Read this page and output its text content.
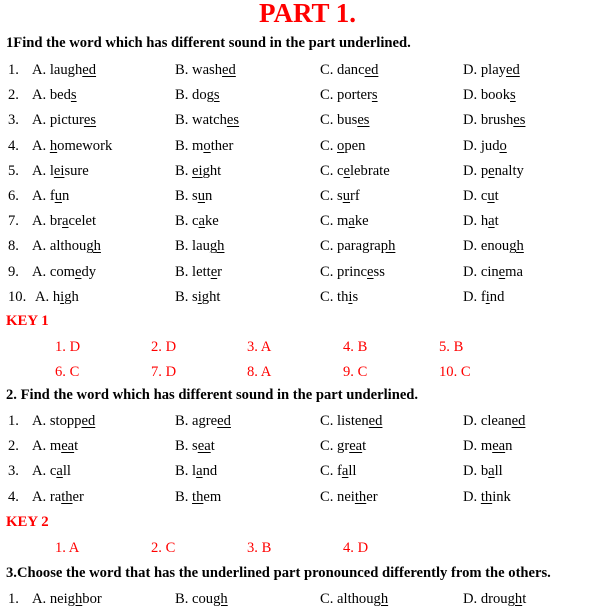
PART 1.
1Find the word which has different sound in the part underlined.
1. A. laughed	B. washed	C. danced	D. played
2. A. beds	B. dogs	C. porters	D. books
3. A. pictures	B. watches	C. buses	D. brushes
4. A. homework	B. mother	C. open	D. judo
5. A. leisure	B. eight	C. celebrate	D. penalty
6. A. fun	B. sun	C. surf	D. cut
7. A. bracelet	B. cake	C. make	D. hat
8. A. although	B. laugh	C. paragraph	D. enough
9. A. comedy	B. letter	C. princess	D. cinema
10. A. high	B. sight	C. this	D. find
KEY 1
1. D	2. D	3. A	4. B	5. B
6. C	7. D	8. A	9. C	10. C
2. Find the word which has different sound in the part underlined.
1. A. stopped	B. agreed	C. listened	D. cleaned
2. A. meat	B. seat	C. great	D. mean
3. A. call	B. land	C. fall	D. ball
4. A. rather	B. them	C. neither	D. think
KEY 2
1. A	2. C	3. B	4. D
3.Choose the word that has the underlined part pronounced differently from the others.
1. A. neighbor	B. cough	C. although	D. drought
